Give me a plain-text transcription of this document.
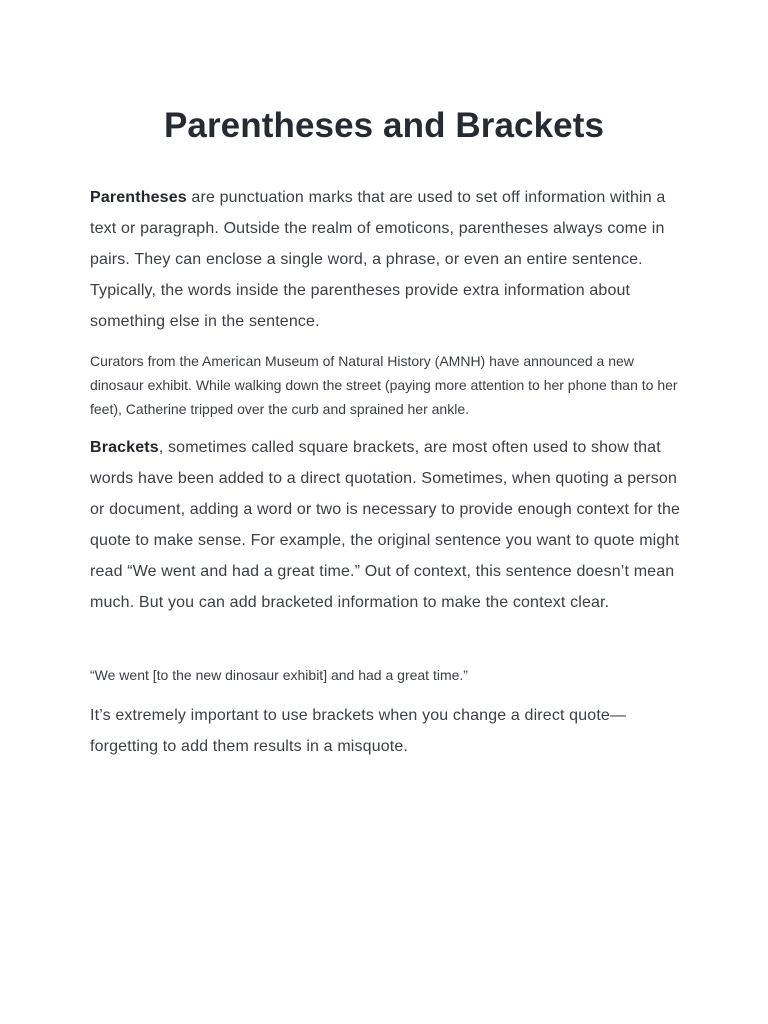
Parentheses and Brackets

Parentheses are punctuation marks that are used to set off information within a text or paragraph. Outside the realm of emoticons, parentheses always come in pairs. They can enclose a single word, a phrase, or even an entire sentence. Typically, the words inside the parentheses provide extra information about something else in the sentence.

Curators from the American Museum of Natural History (AMNH) have announced a new dinosaur exhibit. While walking down the street (paying more attention to her phone than to her feet), Catherine tripped over the curb and sprained her ankle.

Brackets, sometimes called square brackets, are most often used to show that words have been added to a direct quotation. Sometimes, when quoting a person or document, adding a word or two is necessary to provide enough context for the quote to make sense. For example, the original sentence you want to quote might read “We went and had a great time.” Out of context, this sentence doesn’t mean much. But you can add bracketed information to make the context clear.

“We went [to the new dinosaur exhibit] and had a great time.”

It’s extremely important to use brackets when you change a direct quote—forgetting to add them results in a misquote.
